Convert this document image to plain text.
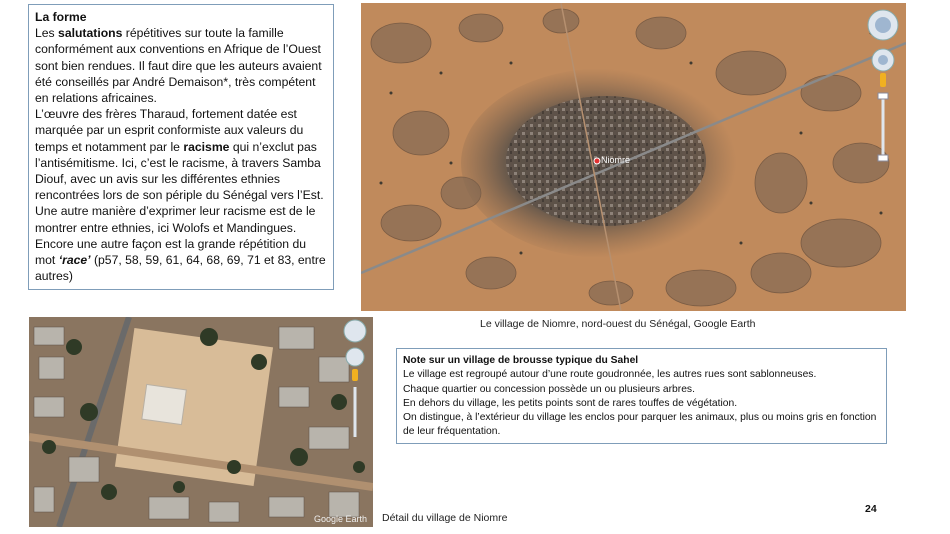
La forme

Les salutations répétitives sur toute la famille conformément aux conventions en Afrique de l’Ouest sont bien rendues. Il faut dire que les auteurs avaient été conseillés par André Demaison*, très compétent en relations africaines.

L’œuvre des frères Tharaud, fortement datée est marquée par un esprit conformiste aux valeurs du temps et notamment par le racisme qui n’exclut pas l’antisémitisme. Ici, c’est le racisme, à travers Samba Diouf, avec un avis sur les différentes ethnies rencontrées lors de son périple du Sénégal vers l’Est. Une autre manière d’exprimer leur racisme est de le montrer entre ethnies, ici Wolofs et Mandingues. Encore une autre façon est la grande répétition du mot ‘race’ (p57, 58, 59, 61, 64, 68, 69, 71 et 83, entre autres)

Niomre
Le village de Niomre, nord-ouest du Sénégal, Google Earth
Google Earth Détail du village de Niomre

Note sur un village de brousse typique du Sahel

Le village est regroupé autour d’une route goudronnée, les autres rues sont sablonneuses.

Chaque quartier ou concession possède un ou plusieurs arbres.

En dehors du village, les petits points sont de rares touffes de végétation.

On distingue, à l’extérieur du village les enclos pour parquer les animaux, plus ou moins gris en fonction de leur fréquentation.

24
